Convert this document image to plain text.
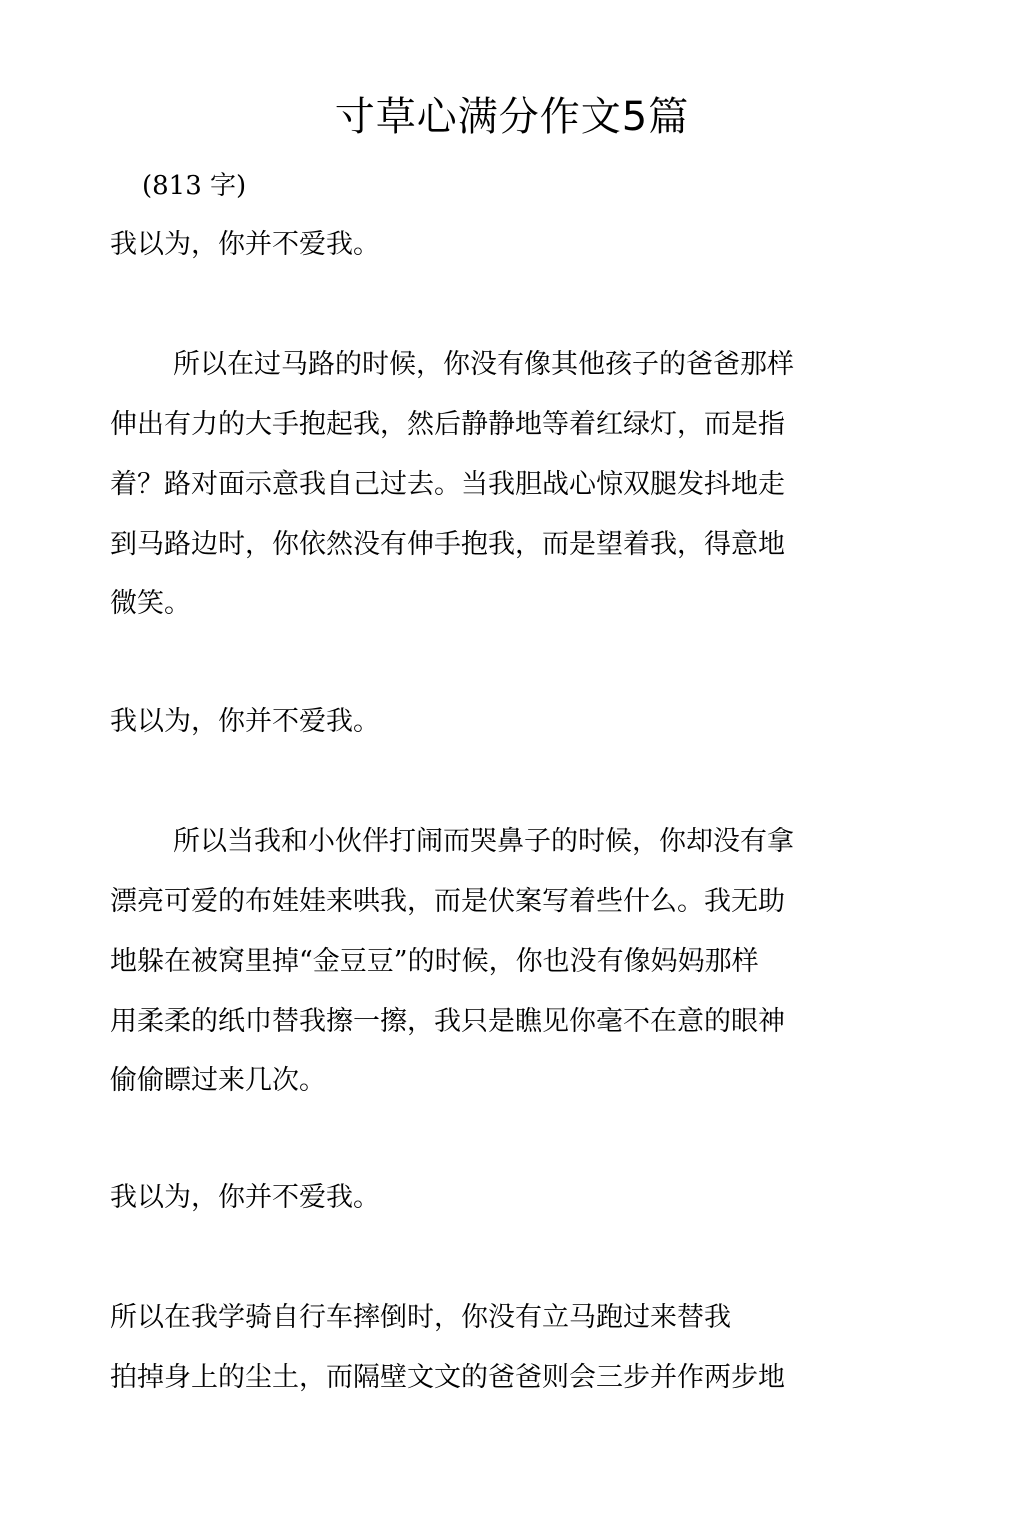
寸草心满分作文5篇

(813 字)

我以为，你并不爱我。

所以在过马路的时候，你没有像其他孩子的爸爸那样

伸出有力的大手抱起我，然后静静地等着红绿灯，而是指

着？路对面示意我自己过去。当我胆战心惊双腿发抖地走

到马路边时，你依然没有伸手抱我，而是望着我，得意地

微笑。

我以为，你并不爱我。

所以当我和小伙伴打闹而哭鼻子的时候，你却没有拿

漂亮可爱的布娃娃来哄我，而是伏案写着些什么。我无助

地躲在被窝里掉“金豆豆”的时候，你也没有像妈妈那样

用柔柔的纸巾替我擦一擦，我只是瞧见你毫不在意的眼神

偷偷瞟过来几次。

我以为，你并不爱我。

所以在我学骑自行车摔倒时，你没有立马跑过来替我

拍掉身上的尘土，而隔壁文文的爸爸则会三步并作两步地
